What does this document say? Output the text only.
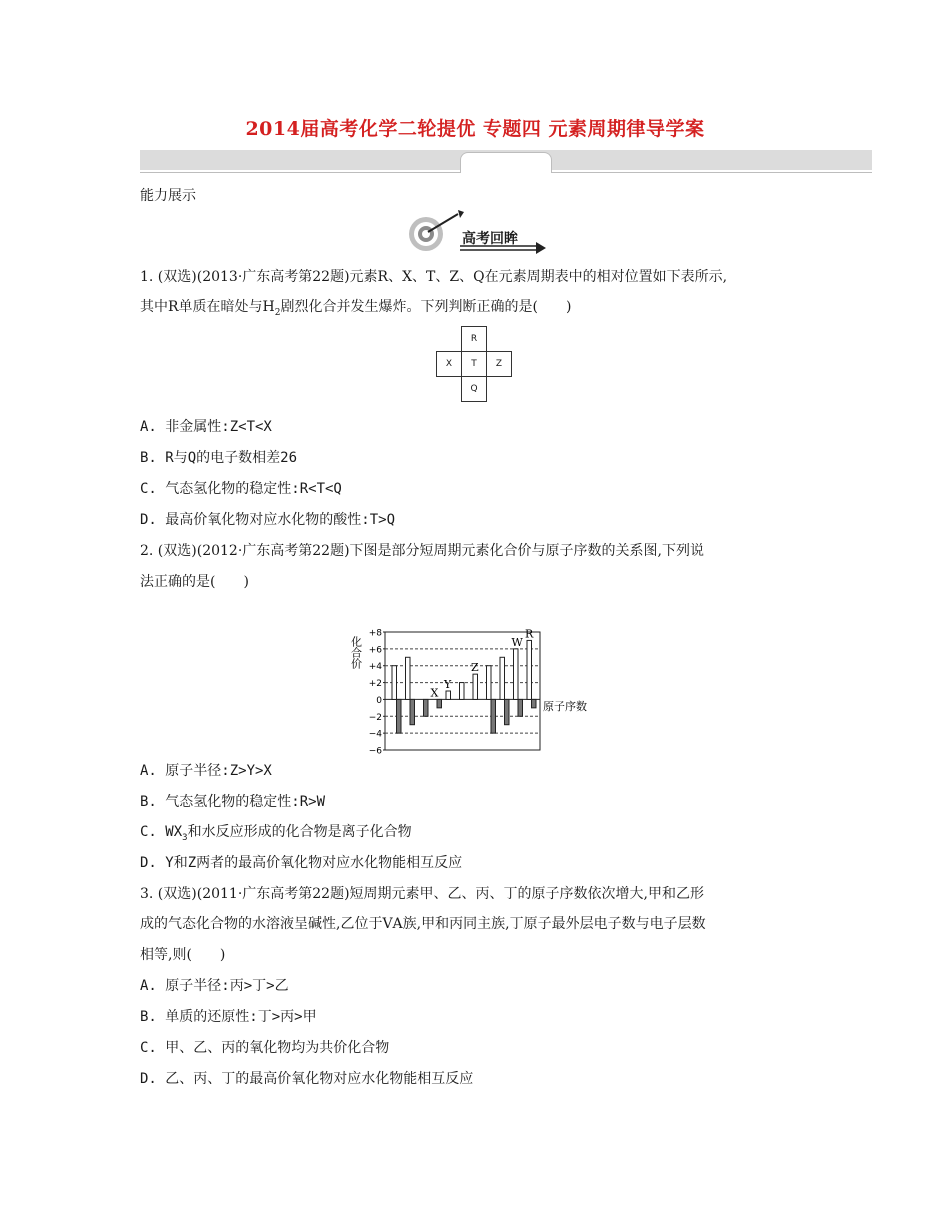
2014届高考化学二轮提优 专题四 元素周期律导学案
能力展示
高考回眸
1. (双选)(2013·广东高考第22题)元素R、X、T、Z、Q在元素周期表中的相对位置如下表所示,
其中R单质在暗处与$H_2$剧烈化合并发生爆炸。下列判断正确的是(　　)
	R	
X	T	Z
	Q	
A. 非金属性:Z<T<X
B. R与Q的电子数相差26
C. 气态氢化物的稳定性:R<T<Q
D. 最高价氧化物对应水化物的酸性:T>Q
2. (双选)(2012·广东高考第22题)下图是部分短周期元素化合价与原子序数的关系图,下列说
法正确的是(　　)
+8
+6
+4
+2
0
−2
−4
−6
X
Y
Z
W
R
化合价
原子序数
A. 原子半径:Z>Y>X
B. 气态氢化物的稳定性:R>W
C. $WX_3$和水反应形成的化合物是离子化合物
D. Y和Z两者的最高价氧化物对应水化物能相互反应
3. (双选)(2011·广东高考第22题)短周期元素甲、乙、丙、丁的原子序数依次增大,甲和乙形
成的气态化合物的水溶液呈碱性,乙位于ⅤA族,甲和丙同主族,丁原子最外层电子数与电子层数
相等,则(　　)
A. 原子半径:丙>丁>乙
B. 单质的还原性:丁>丙>甲
C. 甲、乙、丙的氧化物均为共价化合物
D. 乙、丙、丁的最高价氧化物对应水化物能相互反应
